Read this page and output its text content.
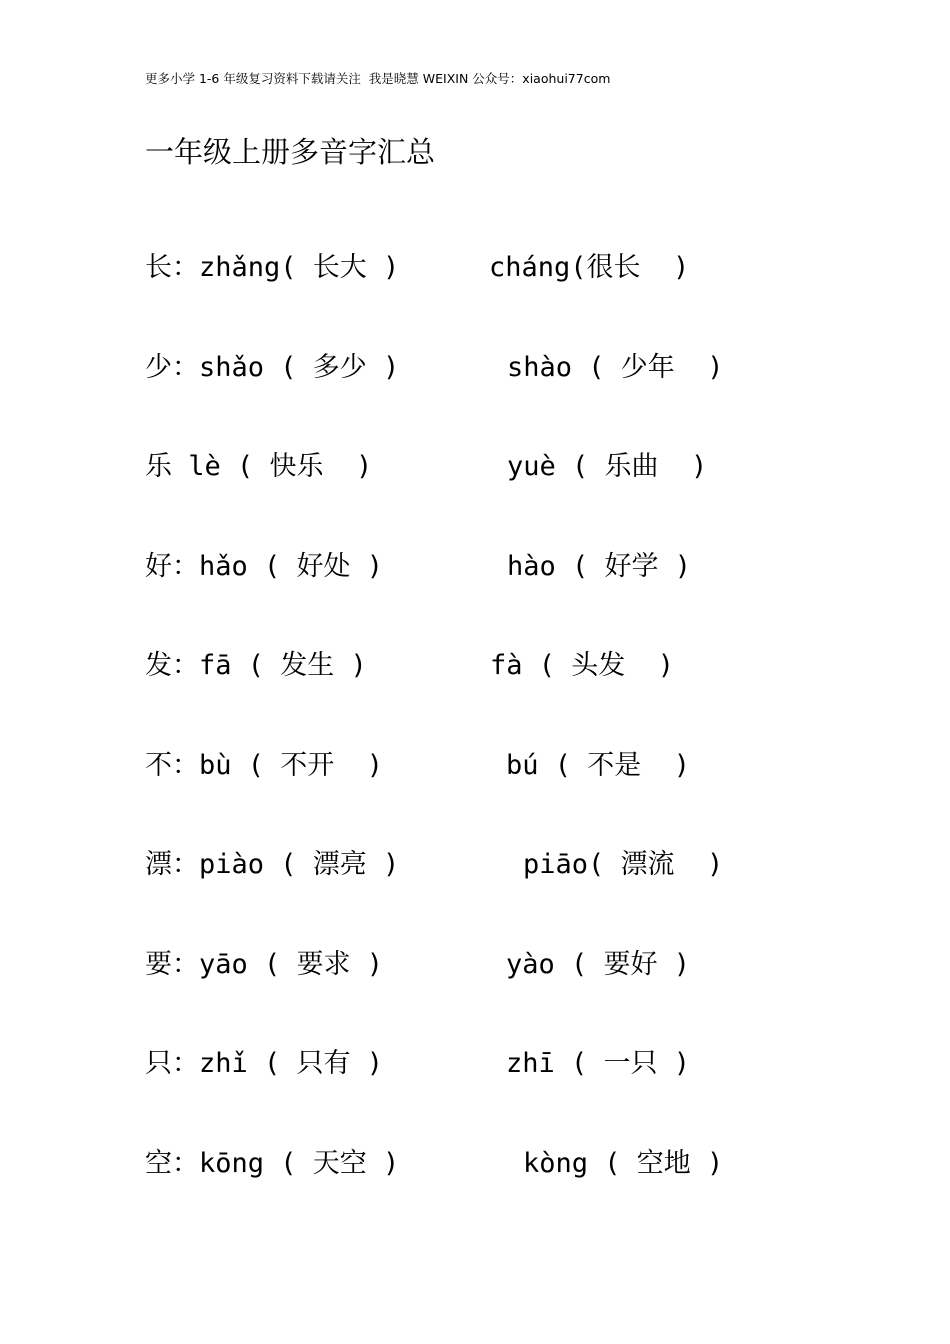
更多小学 1-6 年级复习资料下载请关注  我是晓慧 WEIXIN 公众号：xiaohui77com
一年级上册多音字汇总
长：zhǎng( 长大 )	cháng(很长  )
少：shǎo ( 多少 )	shào ( 少年  )
乐 lè ( 快乐  )	yuè ( 乐曲  )
好：hǎo ( 好处 )	hào ( 好学 )
发：fā ( 发生 )	fà ( 头发  )
不：bù ( 不开  )	bú ( 不是  )
漂：piào ( 漂亮 )	piāo( 漂流  )
要：yāo ( 要求 )	yào ( 要好 )
只：zhǐ ( 只有 )	zhī ( 一只 )
空：kōng ( 天空 )	kòng ( 空地 )
